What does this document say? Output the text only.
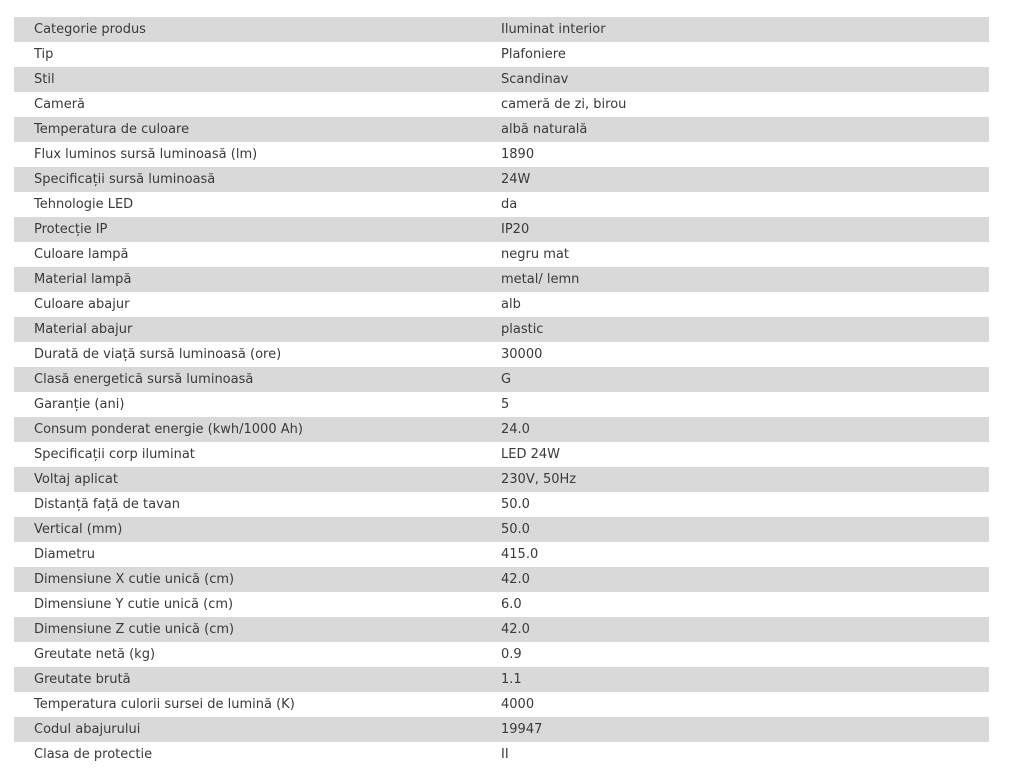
Categorie produs	Iluminat interior
Tip	Plafoniere
Stil	Scandinav
Cameră	cameră de zi, birou
Temperatura de culoare	albă naturală
Flux luminos sursă luminoasă (lm)	1890
Specificații sursă luminoasă	24W
Tehnologie LED	da
Protecție IP	IP20
Culoare lampă	negru mat
Material lampă	metal/ lemn
Culoare abajur	alb
Material abajur	plastic
Durată de viață sursă luminoasă (ore)	30000
Clasă energetică sursă luminoasă	G
Garanție (ani)	5
Consum ponderat energie (kwh/1000 Ah)	24.0
Specificații corp iluminat	LED 24W
Voltaj aplicat	230V, 50Hz
Distanță față de tavan	50.0
Vertical (mm)	50.0
Diametru	415.0
Dimensiune X cutie unică (cm)	42.0
Dimensiune Y cutie unică (cm)	6.0
Dimensiune Z cutie unică (cm)	42.0
Greutate netă (kg)	0.9
Greutate brută	1.1
Temperatura culorii sursei de lumină (K)	4000
Codul abajurului	19947
Clasa de protectie	II
